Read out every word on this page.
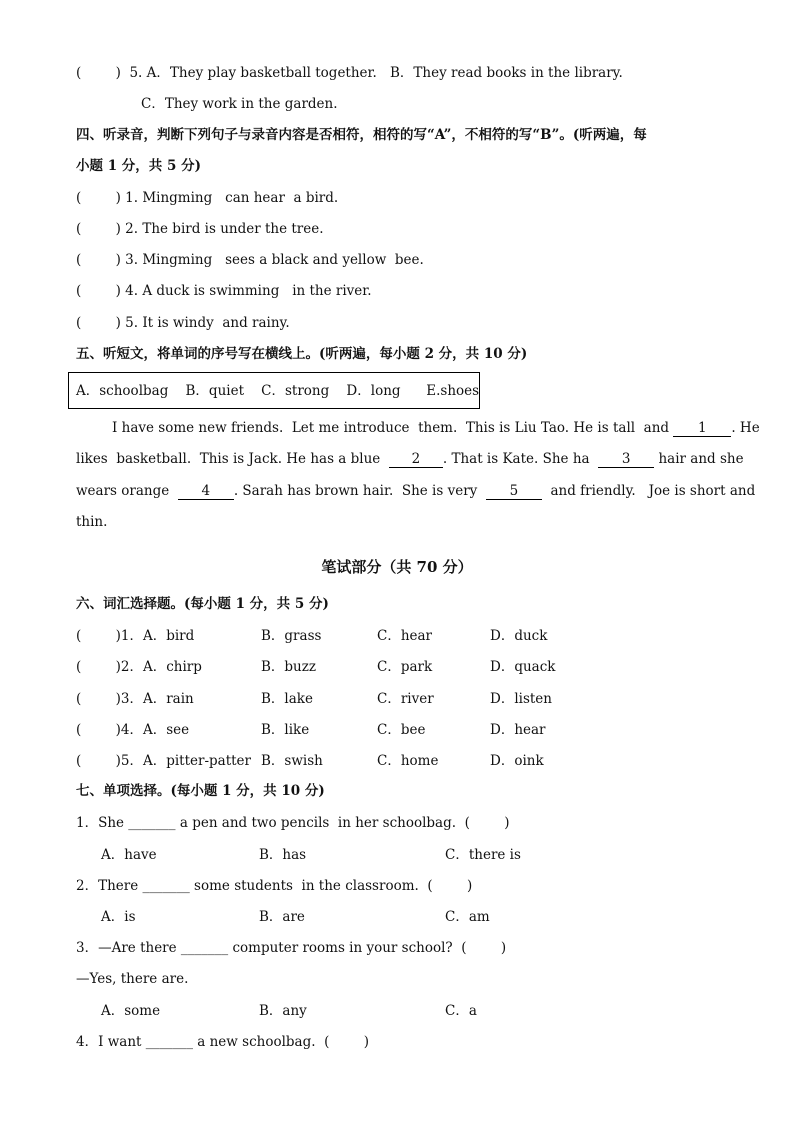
(        ) 5. A．They play basketball together. B．They read books in the library.
C．They work in the garden.
四、听录音，判断下列句子与录音内容是否相符，相符的写“A”，不相符的写“B”。(听两遍，每
小题 1 分，共 5 分)
(        ) 1. Mingming   can hear  a bird.
(        ) 2. The bird is under the tree.
(        ) 3. Mingming   sees a black and yellow  bee.
(        ) 4. A duck is swimming   in the river.
(        ) 5. It is windy  and rainy.
五、听短文，将单词的序号写在横线上。(听两遍，每小题 2 分，共 10 分)
A．schoolbag    B．quiet    C．strong    D．long      E.shoes
I have some new friends.  Let me introduce  them.  This is Liu Tao. He is tall  and 1 . He
likes  basketball.  This is Jack. He has a blue 2 . That is Kate. She ha 3 hair and she
wears orange 4 . Sarah has brown hair.  She is very 5 and friendly.   Joe is short and
thin.
笔试部分（共 70 分）
六、词汇选择题。(每小题 1 分，共 5 分)
(        )1．A．bird	B．grass	C．hear	D．duck
(        )2．A．chirp	B．buzz	C．park	D．quack
(        )3．A．rain	B．lake	C．river	D．listen
(        )4．A．see	B．like	C．bee	D．hear
(        )5．A．pitter-patter B．swish	C．home	D．oink
七、单项选择。(每小题 1 分，共 10 分)
1．She _______ a pen and two pencils  in her schoolbag.  (        )
A．have	B．has	C．there is
2．There _______ some students  in the classroom.  (        )
A．is	B．are	C．am
3．—Are there _______ computer rooms in your school?  (        )
—Yes, there are.
A．some	B．any	C．a
4．I want _______ a new schoolbag.  (        )
